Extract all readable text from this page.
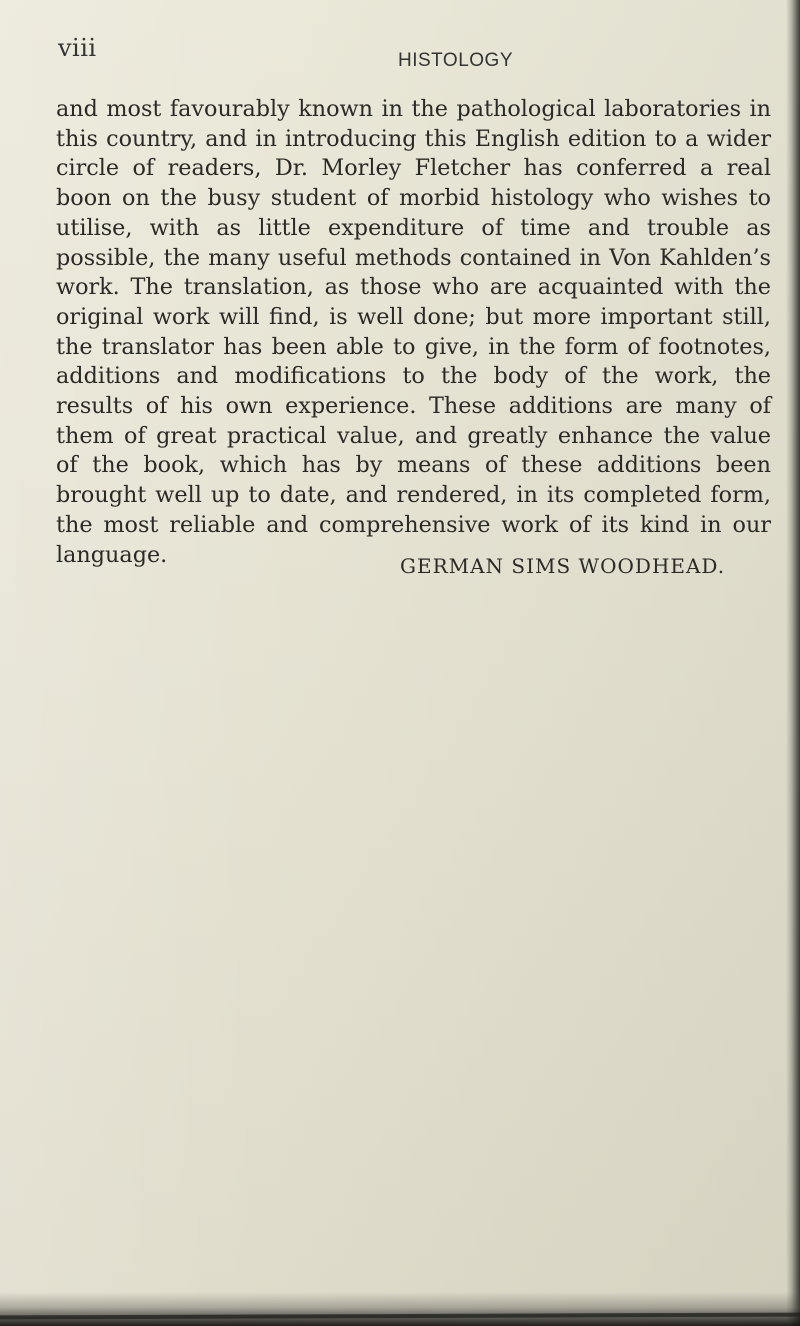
viii	HISTOLOGY

and most favourably known in the pathological laboratories in this country, and in introducing this English edition to a wider circle of readers, Dr. Morley Fletcher has conferred a real boon on the busy student of morbid histology who wishes to utilise, with as little expenditure of time and trouble as possible, the many useful methods contained in Von Kahlden’s work. The translation, as those who are acquainted with the original work will find, is well done; but more important still, the translator has been able to give, in the form of footnotes, additions and modifications to the body of the work, the results of his own experience. These additions are many of them of great practical value, and greatly enhance the value of the book, which has by means of these additions been brought well up to date, and rendered, in its completed form, the most reliable and comprehensive work of its kind in our language.	GERMAN SIMS WOODHEAD.
